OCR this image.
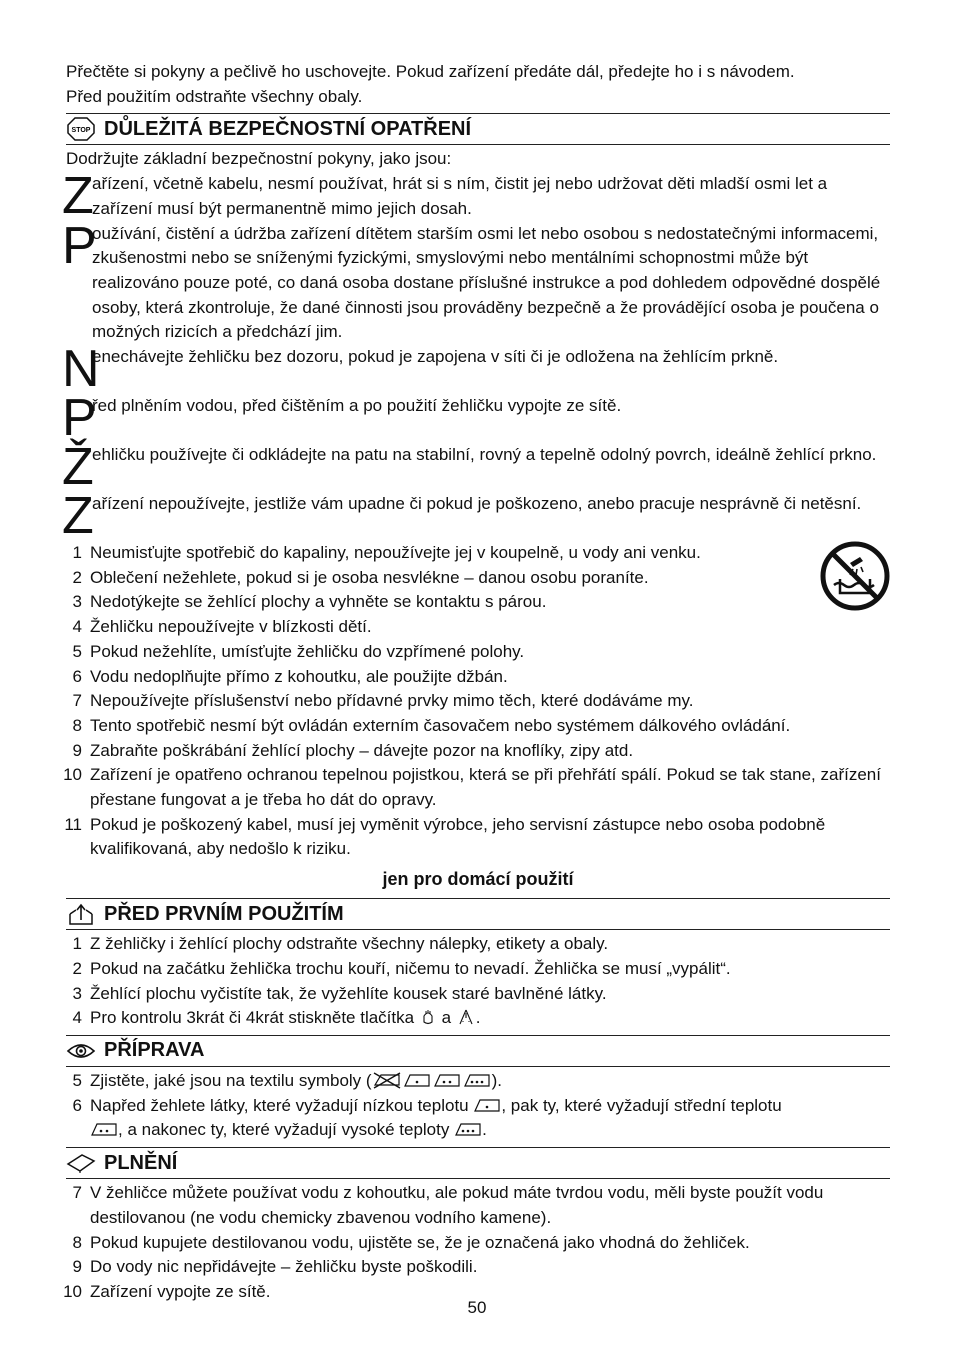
Přečtěte si pokyny a pečlivě ho uschovejte. Pokud zařízení předáte dál, předejte ho i s návodem.

Před použitím odstraňte všechny obaly.

STOP DŮLEŽITÁ BEZPEČNOSTNÍ OPATŘENÍ

Dodržujte základní bezpečnostní pokyny, jako jsou:

Z
ařízení, včetně kabelu, nesmí používat, hrát si s ním, čistit jej nebo udržovat děti mladší osmi let a zařízení musí být permanentně mimo jejich dosah.
P
oužívání, čistění a údržba zařízení dítětem starším osmi let nebo osobou s nedostatečnými informacemi, zkušenostmi nebo se sníženými fyzickými, smyslovými nebo mentálními schopnostmi může být realizováno pouze poté, co daná osoba dostane příslušné instrukce a pod dohledem odpovědné dospělé osoby, která zkontroluje, že dané činnosti jsou prováděny bezpečně a že provádějící osoba je poučena o možných rizicích a předchází jim.
N
enechávejte žehličku bez dozoru, pokud je zapojena v síti či je odložena na žehlícím prkně.
P
řed plněním vodou, před čištěním a po použití žehličku vypojte ze sítě.
Ž
ehličku používejte či odkládejte na patu na stabilní, rovný a tepelně odolný povrch, ideálně žehlící prkno.
Z
ařízení nepoužívejte, jestliže vám upadne či pokud je poškozeno, anebo pracuje nesprávně či netěsní.
1 Neumisťujte spotřebič do kapaliny, nepoužívejte jej v koupelně, u vody ani venku.
2 Oblečení nežehlete, pokud si je osoba nesvlékne – danou osobu poraníte.
3 Nedotýkejte se žehlící plochy a vyhněte se kontaktu s párou.
4 Žehličku nepoužívejte v blízkosti dětí.
5 Pokud nežehlíte, umísťujte žehličku do vzpřímené polohy.
6 Vodu nedoplňujte přímo z kohoutku, ale použijte džbán.
7 Nepoužívejte příslušenství nebo přídavné prvky mimo těch, které dodáváme my.
8 Tento spotřebič nesmí být ovládán externím časovačem nebo systémem dálkového ovládání.
9 Zabraňte poškrábání žehlící plochy – dávejte pozor na knoflíky, zipy atd.
10 Zařízení je opatřeno ochranou tepelnou pojistkou, která se při přehřátí spálí. Pokud se tak stane, zařízení přestane fungovat a je třeba ho dát do opravy.
11 Pokud je poškozený kabel, musí jej vyměnit výrobce, jeho servisní zástupce nebo osoba podobně kvalifikovaná, aby nedošlo k riziku.
jen pro domácí použití
PŘED PRVNÍM POUŽITÍM
1 Z žehličky i žehlící plochy odstraňte všechny nálepky, etikety a obaly.
2 Pokud na začátku žehlička trochu kouří, ničemu to nevadí. Žehlička se musí „vypálit“.
3 Žehlící plochu vyčistíte tak, že vyžehlíte kousek staré bavlněné látky.
4 Pro kontrolu 3krát či 4krát stiskněte tlačítka a .
PŘÍPRAVA
5 Zjistěte, jaké jsou na textilu symboly (	).
6 Napřed žehlete látky, které vyžadují nízkou teplotu , pak ty, které vyžadují střední teplotu
, a nakonec ty, které vyžadují vysoké teploty .
PLNĚNÍ
7 V žehličce můžete používat vodu z kohoutku, ale pokud máte tvrdou vodu, měli byste použít vodu destilovanou (ne vodu chemicky zbavenou vodního kamene).
8 Pokud kupujete destilovanou vodu, ujistěte se, že je označená jako vhodná do žehliček.
9 Do vody nic nepřidávejte – žehličku byste poškodili.
10 Zařízení vypojte ze sítě.
50
